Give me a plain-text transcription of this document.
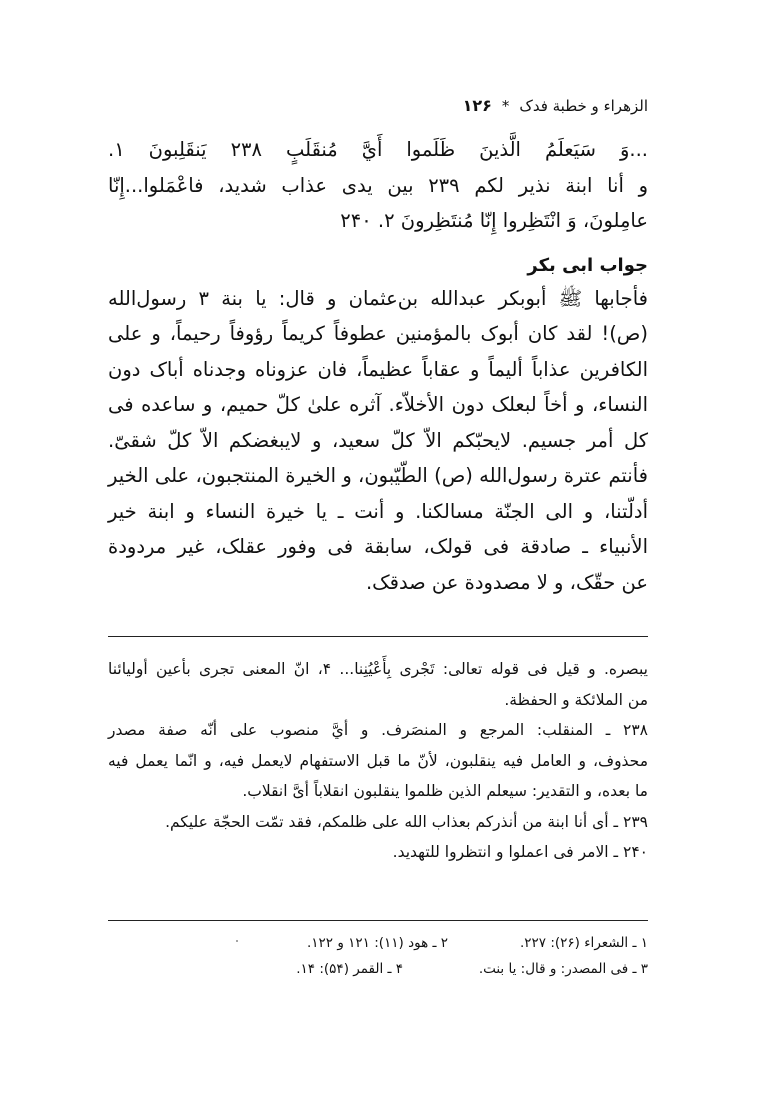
الزهراء و خطبة فدک
*
۱۲۶
...وَ سَيَعلَمُ الَّذينَ ظَلَموا أَيَّ مُنقَلَبٍ ۲۳۸ يَنقَلِبونَ ۱.
و أنا ابنة نذير لكم ۲۳۹ بين يدى عذاب شديد، فاعْمَلوا...إِنّا
عامِلونَ، وَ انْتَظِروا إِنّا مُنتَظِرونَ ۲. ۲۴۰
جواب ابی بکر
فأجابها ﷺ أبوبكر عبدالله بن‌عثمان و قال: يا بنة ۳ رسول‌الله
(ص)! لقد كان أبوک بالمؤمنين عطوفاً كريماً رؤوفاً رحيماً، و على
الكافرين عذاباً أليماً و عقاباً عظيماً، فان عزوناه وجدناه أباک دون
النساء، و أخاً لبعلک دون الأخلاّء. آثره علیٰ كلّ حميم، و ساعده فی
كل أمر جسيم. لايحبّكم الاّ كلّ سعيد، و لايبغضكم الاّ كلّ شقیّ.
فأنتم عترة رسول‌الله (ص) الطّيّبون، و الخيرة المنتجبون، علی الخير
أدلّتنا، و الی الجنّة مسالكنا. و أنت ـ يا خيرة النساء و ابنة خير
الأنبياء ـ صادقة فی قولک، سابقة فی وفور عقلک، غير مردودة
عن حقّک، و لا مصدودة عن صدقک.
يبصره. و قيل فی قوله تعالى: تَجْرى بِأَعْيُنِنا... ۴، انّ المعنى تجری بأعين أوليائنا
من الملائكة و الحفظة.
۲۳۸ ـ المنقلب: المرجع و المنصَرف. و أيَّ منصوب على أنّه صفة مصدر
محذوف، و العامل فيه ينقلبون، لأنّ ما قبل الاستفهام لايعمل فيه، و انّما يعمل فيه
ما بعده، و التقدير: سيعلم الذين ظلموا ينقلبون انقلاباً أیَّ انقلاب.
۲۳۹ ـ أی أنا ابنة من أنذركم بعذاب الله على ظلمكم، فقد تمّت الحجّة عليكم.
۲۴۰ ـ الامر فی اعملوا و انتظروا للتهديد.
۱ ـ الشعراء (۲۶): ۲۲۷.
۲ ـ هود (۱۱): ۱۲۱ و ۱۲۲.
۳ ـ فی المصدر: و قال: يا بنت.
۴ ـ القمر (۵۴): ۱۴.
